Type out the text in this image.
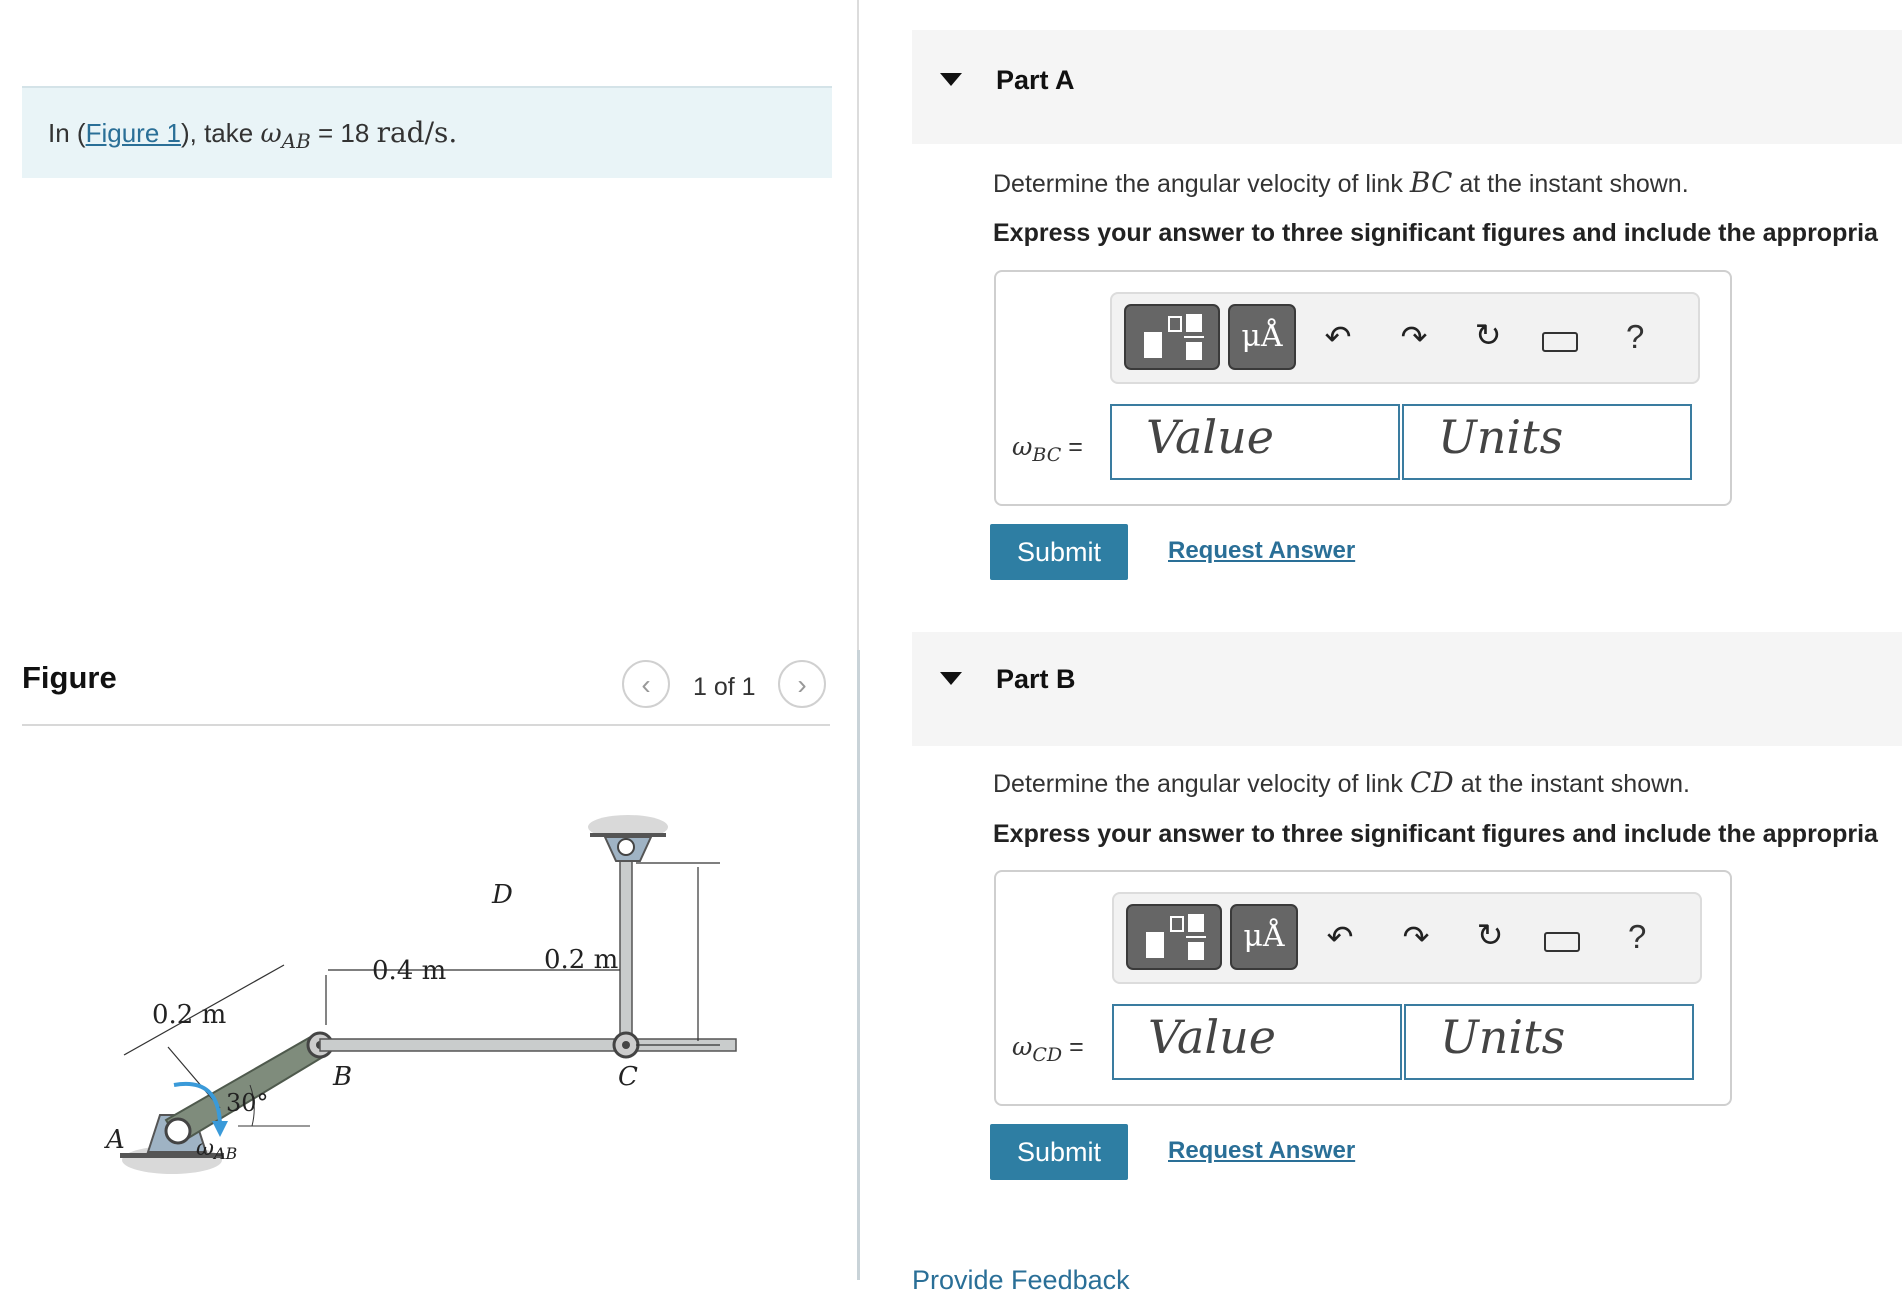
In (Figure 1), take $\omega_{AB} = 18$ rad/s.
Figure	‹	1 of 1	›
D
A
B	C
0.2 m
0.4 m	0.2 m
30°
ωAB
Part A
Determine the angular velocity of link BC at the instant shown.
Express your answer to three significant figures and include the appropria
μÅ	↶ ↷ ↻	?
$\omega_{BC}$ = Value	Units
Submit	Request Answer
Part B
Determine the angular velocity of link CD at the instant shown.
Express your answer to three significant figures and include the appropria
μÅ	↶ ↷ ↻	?
$\omega_{CD}$ = Value	Units
Submit	Request Answer
Provide Feedback
